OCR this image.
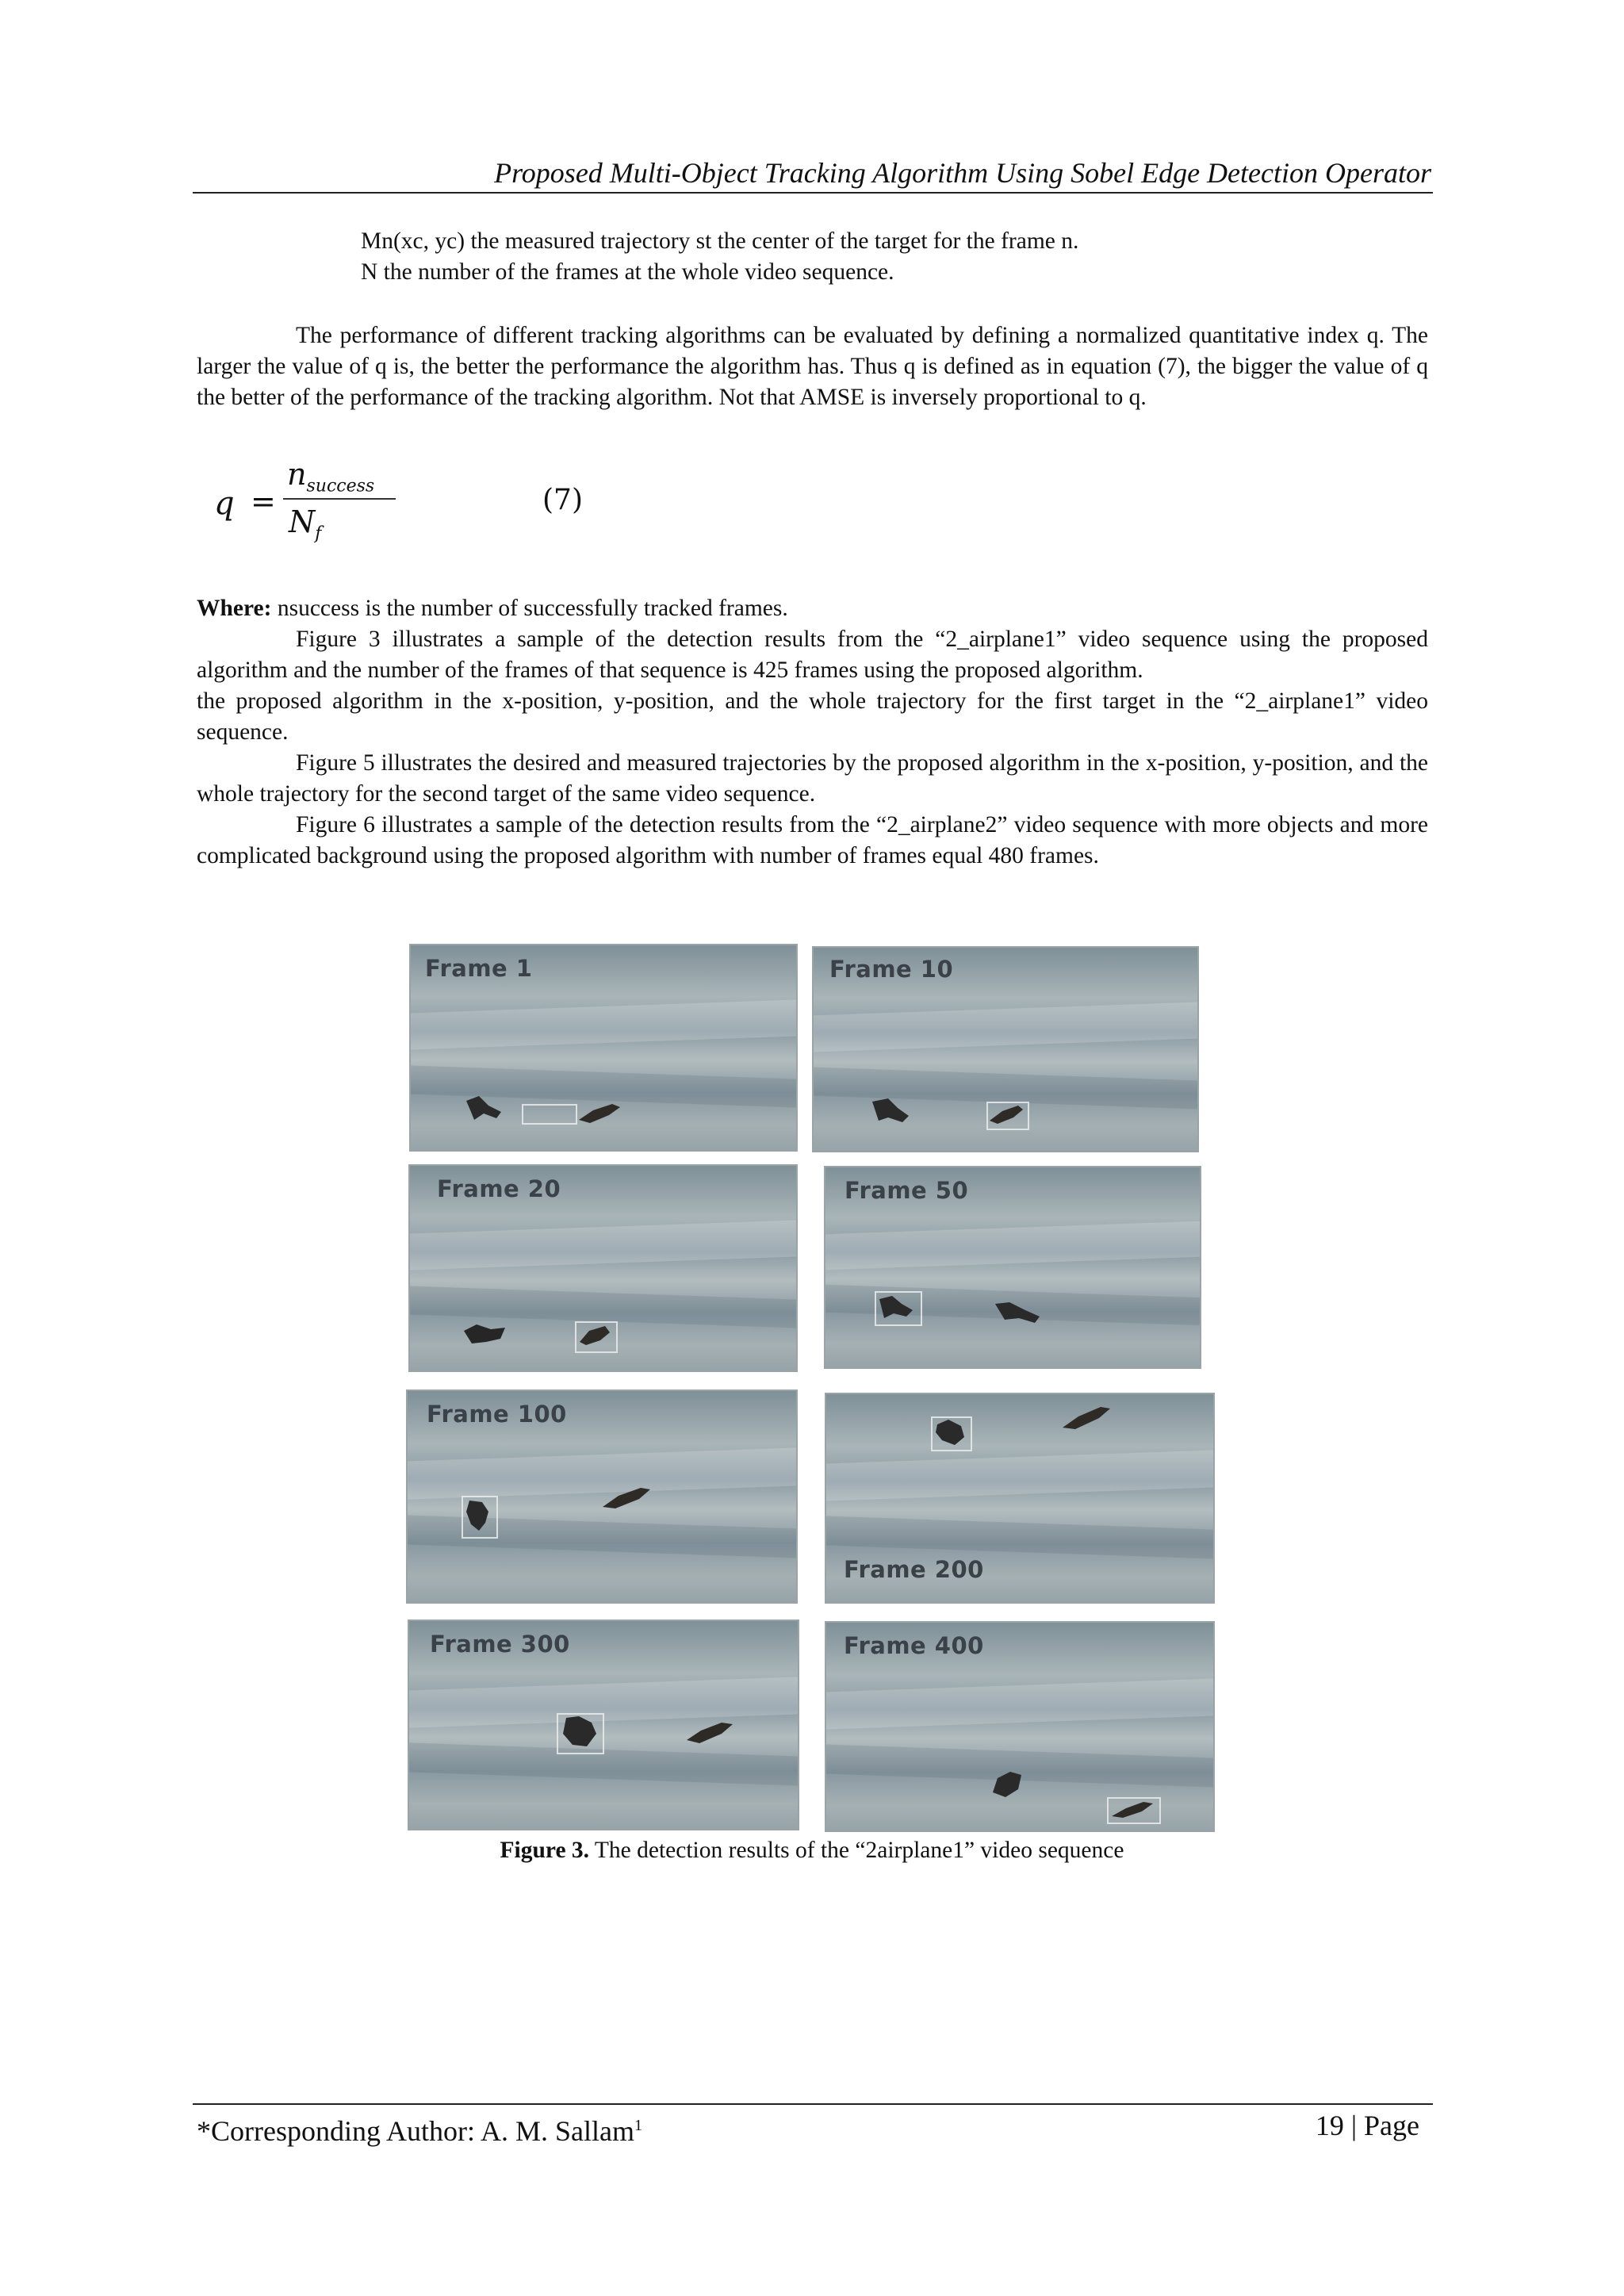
Proposed Multi-Object Tracking Algorithm Using Sobel Edge Detection Operator
Mn(xc, yc) the measured trajectory st the center of the target for the frame n.
N the number of the frames at the whole video sequence.

The performance of different tracking algorithms can be evaluated by defining a normalized quantitative index q. The larger the value of q is, the better the performance the algorithm has. Thus q is defined as in equation (7), the bigger the value of q the better of the performance of the tracking algorithm. Not that AMSE is inversely proportional to q.

q =
$n_{success}$
$N_f$
(7)

Where: nsuccess is the number of successfully tracked frames.

Figure 3 illustrates a sample of the detection results from the “2_airplane1” video sequence using the proposed algorithm and the number of the frames of that sequence is 425 frames using the proposed algorithm.

the proposed algorithm in the x-position, y-position, and the whole trajectory for the first target in the “2_airplane1” video sequence.

Figure 5 illustrates the desired and measured trajectories by the proposed algorithm in the x-position, y-position, and the whole trajectory for the second target of the same video sequence.

Figure 6 illustrates a sample of the detection results from the “2_airplane2” video sequence with more objects and more complicated background using the proposed algorithm with number of frames equal 480 frames.

Frame 1	Frame 10
Frame 20	Frame 50
Frame 100
Frame 200
Frame 300	Frame 400
Figure 3. The detection results of the “2airplane1” video sequence
*Corresponding Author: A. M. Sallam$^1$	19 | Page
